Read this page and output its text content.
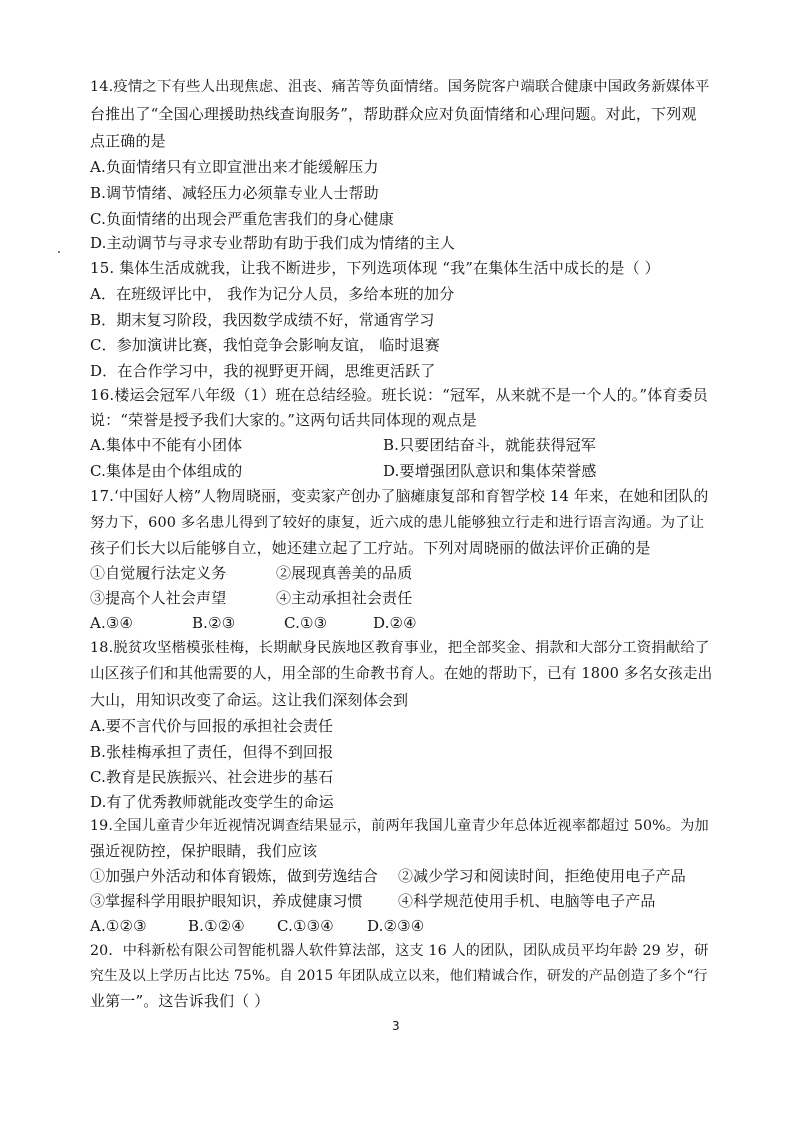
14.疫情之下有些人出现焦虑、沮丧、痛苦等负面情绪。国务院客户端联合健康中国政务新媒体平
台推出了“全国心理援助热线查询服务”，帮助群众应对负面情绪和心理问题。对此，下列观
点正确的是
A.负面情绪只有立即宣泄出来才能缓解压力
B.调节情绪、减轻压力必须靠专业人士帮助
C.负面情绪的出现会严重危害我们的身心健康
D.主动调节与寻求专业帮助有助于我们成为情绪的主人
15. 集体生活成就我，让我不断进步，下列选项体现 “我”在集体生活中成长的是（ ）
A．在班级评比中， 我作为记分人员，多给本班的加分
B．期末复习阶段，我因数学成绩不好，常通宵学习
C．参加演讲比赛，我怕竞争会影响友谊， 临时退赛
D．在合作学习中，我的视野更开阔，思维更活跃了
16.楼运会冠军八年级（1）班在总结经验。班长说：“冠军，从来就不是一个人的。”体育委员
说：“荣誉是授予我们大家的。”这两句话共同体现的观点是
A.集体中不能有小团体	B.只要团结奋斗，就能获得冠军
C.集体是由个体组成的	D.要增强团队意识和集体荣誉感
17.‘中国好人榜”人物周晓丽，变卖家产创办了脑瘫康复部和育智学校 14 年来，在她和团队的
努力下，600 多名患儿得到了较好的康复，近六成的患儿能够独立行走和进行语言沟通。为了让
孩子们长大以后能够自立，她还建立起了工疗站。下列对周晓丽的做法评价正确的是
①自觉履行法定义务	②展现真善美的品质
③提高个人社会声望	④主动承担社会责任
A.③④	B.②③	C.①③	D.②④
18.脱贫攻坚楷模张桂梅，长期献身民族地区教育事业，把全部奖金、捐款和大部分工资捐献给了
山区孩子们和其他需要的人，用全部的生命教书育人。在她的帮助下，已有 1800 多名女孩走出
大山，用知识改变了命运。这让我们深刻体会到
A.要不言代价与回报的承担社会责任
B.张桂梅承担了责任，但得不到回报
C.教育是民族振兴、社会进步的基石
D.有了优秀教师就能改变学生的命运
19.全国儿童青少年近视情况调查结果显示，前两年我国儿童青少年总体近视率都超过 50%。为加
强近视防控，保护眼睛，我们应该
①加强户外活动和体育锻炼，做到劳逸结合 ②减少学习和阅读时间，拒绝使用电子产品
③掌握科学用眼护眼知识，养成健康习惯 ④科学规范使用手机、电脑等电子产品
A.①②③	B.①②④ C.①③④ D.②③④
20．中科新松有限公司智能机器人软件算法部，这支 16 人的团队，团队成员平均年龄 29 岁，研
究生及以上学历占比达 75%。自 2015 年团队成立以来，他们精诚合作，研发的产品创造了多个“行
业第一”。这告诉我们（ ）
3
